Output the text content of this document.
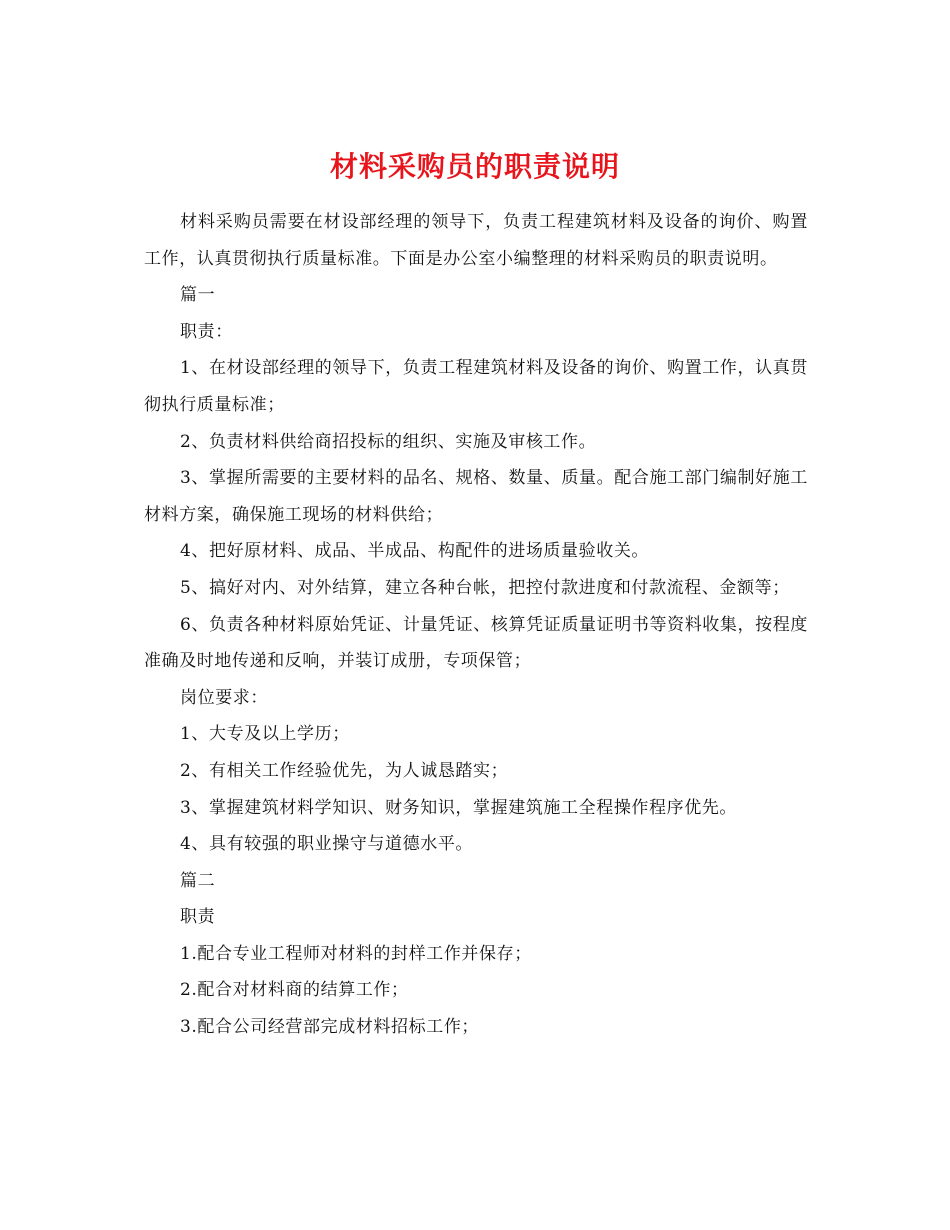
材料采购员的职责说明

材料采购员需要在材设部经理的领导下，负责工程建筑材料及设备的询价、购置工作，认真贯彻执行质量标准。下面是办公室小编整理的材料采购员的职责说明。

篇一

职责：

1、在材设部经理的领导下，负责工程建筑材料及设备的询价、购置工作，认真贯彻执行质量标准；

2、负责材料供给商招投标的组织、实施及审核工作。

3、掌握所需要的主要材料的品名、规格、数量、质量。配合施工部门编制好施工材料方案，确保施工现场的材料供给；

4、把好原材料、成品、半成品、构配件的进场质量验收关。

5、搞好对内、对外结算，建立各种台帐，把控付款进度和付款流程、金额等；

6、负责各种材料原始凭证、计量凭证、核算凭证质量证明书等资料收集，按程度准确及时地传递和反响，并装订成册，专项保管；

岗位要求：

1、大专及以上学历；

2、有相关工作经验优先，为人诚恳踏实；

3、掌握建筑材料学知识、财务知识，掌握建筑施工全程操作程序优先。

4、具有较强的职业操守与道德水平。

篇二

职责

1.配合专业工程师对材料的封样工作并保存；

2.配合对材料商的结算工作；

3.配合公司经营部完成材料招标工作；
